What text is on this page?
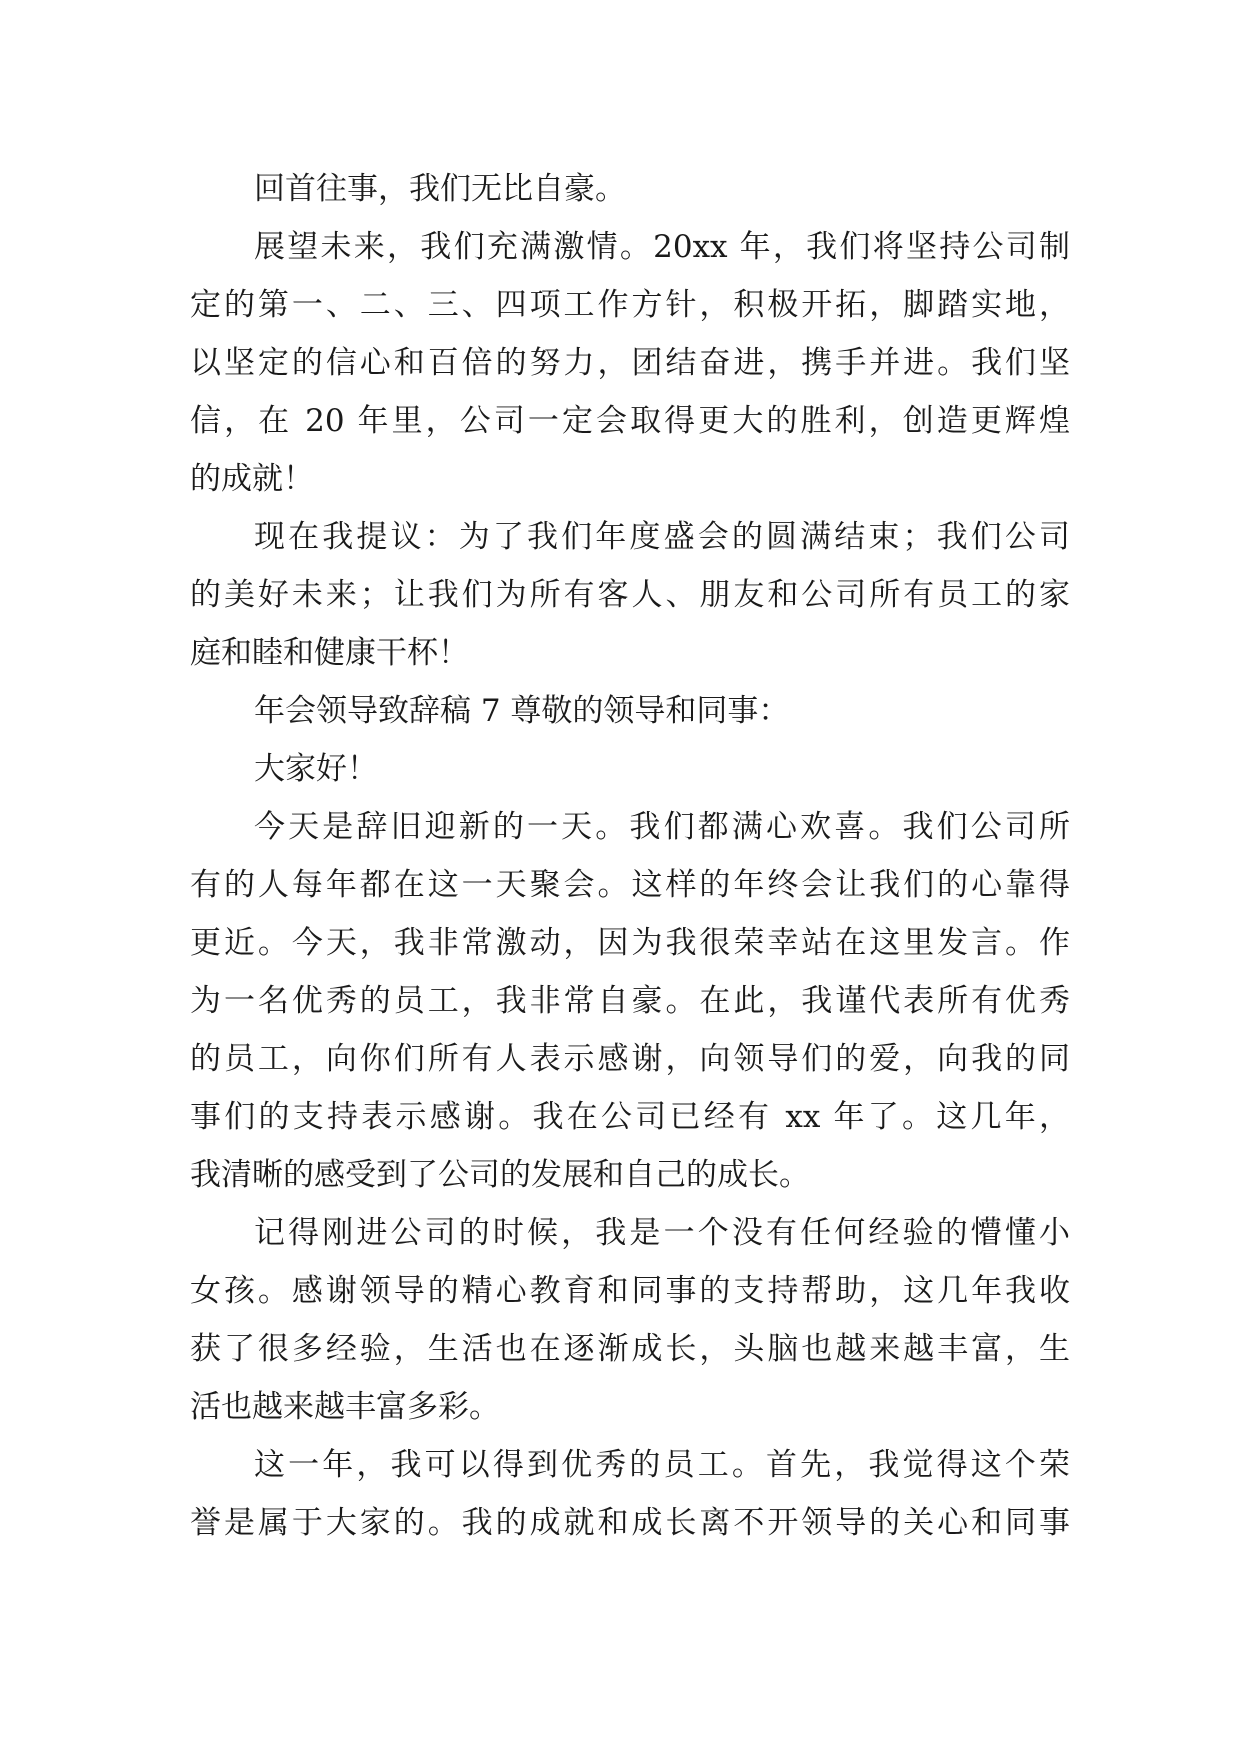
回首往事，我们无比自豪。
展望未来，我们充满激情。20xx 年，我们将坚持公司制
定的第一、二、三、四项工作方针，积极开拓，脚踏实地，
以坚定的信心和百倍的努力，团结奋进，携手并进。我们坚
信，在 20 年里，公司一定会取得更大的胜利，创造更辉煌
的成就！
现在我提议：为了我们年度盛会的圆满结束；我们公司
的美好未来；让我们为所有客人、朋友和公司所有员工的家
庭和睦和健康干杯！
年会领导致辞稿 7 尊敬的领导和同事：
大家好！
今天是辞旧迎新的一天。我们都满心欢喜。我们公司所
有的人每年都在这一天聚会。这样的年终会让我们的心靠得
更近。今天，我非常激动，因为我很荣幸站在这里发言。作
为一名优秀的员工，我非常自豪。在此，我谨代表所有优秀
的员工，向你们所有人表示感谢，向领导们的爱，向我的同
事们的支持表示感谢。我在公司已经有 xx 年了。这几年，
我清晰的感受到了公司的发展和自己的成长。
记得刚进公司的时候，我是一个没有任何经验的懵懂小
女孩。感谢领导的精心教育和同事的支持帮助，这几年我收
获了很多经验，生活也在逐渐成长，头脑也越来越丰富，生
活也越来越丰富多彩。
这一年，我可以得到优秀的员工。首先，我觉得这个荣
誉是属于大家的。我的成就和成长离不开领导的关心和同事
